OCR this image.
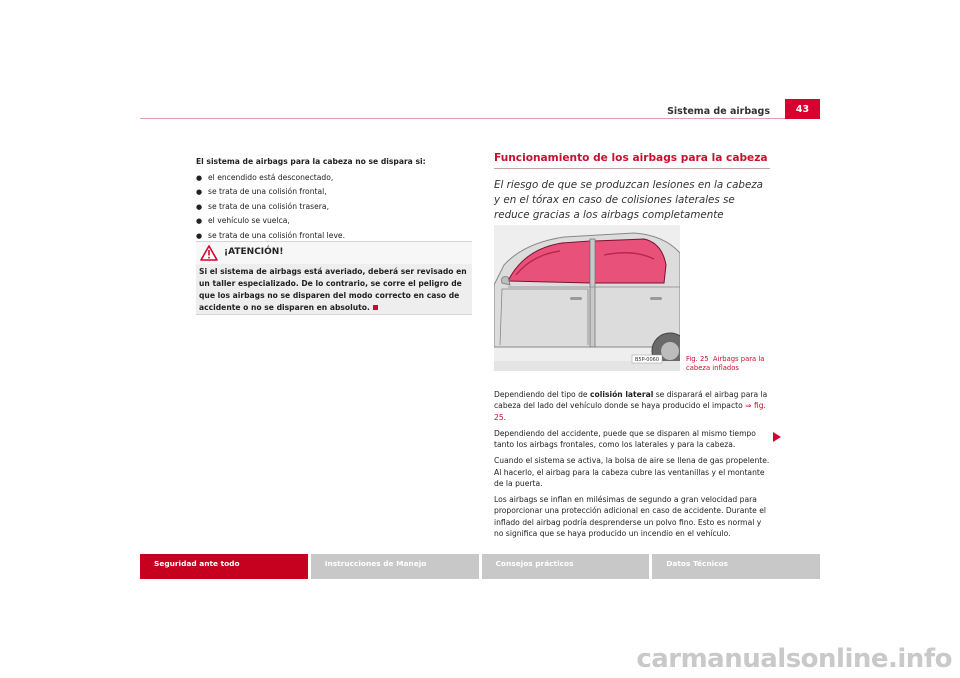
Sistema de airbags	43
El sistema de airbags para la cabeza no se dispara si:
● el encendido está desconectado,
● se trata de una colisión frontal,
● se trata de una colisión trasera,
● el vehículo se vuelca,
● se trata de una colisión frontal leve.
¡ATENCIÓN!
Si el sistema de airbags está averiado, deberá ser revisado en un taller especializado. De lo contrario, se corre el peligro de que los airbags no se disparen del modo correcto en caso de accidente o no se disparen en absoluto.
Funcionamiento de los airbags para la cabeza
El riesgo de que se produzcan lesiones en la cabeza y en el tórax en caso de colisiones laterales se reduce gracias a los airbags completamente
B5P-0060	Fig. 25 Airbags para la cabeza inflados

Dependiendo del tipo de colisión lateral se disparará el airbag para la cabeza del lado del vehículo donde se haya producido el impacto ⇒ fig. 25.

Dependiendo del accidente, puede que se disparen al mismo tiempo tanto los airbags frontales, como los laterales y para la cabeza.

Cuando el sistema se activa, la bolsa de aire se llena de gas propelente. Al hacerlo, el airbag para la cabeza cubre las ventanillas y el montante de la puerta.

Los airbags se inflan en milésimas de segundo a gran velocidad para proporcionar una protección adicional en caso de accidente. Durante el inflado del airbag podría desprenderse un polvo fino. Esto es normal y no significa que se haya producido un incendio en el vehículo.

Seguridad ante todo	Instrucciones de Manejo	Consejos prácticos	Datos Técnicos
carmanualsonline.info
